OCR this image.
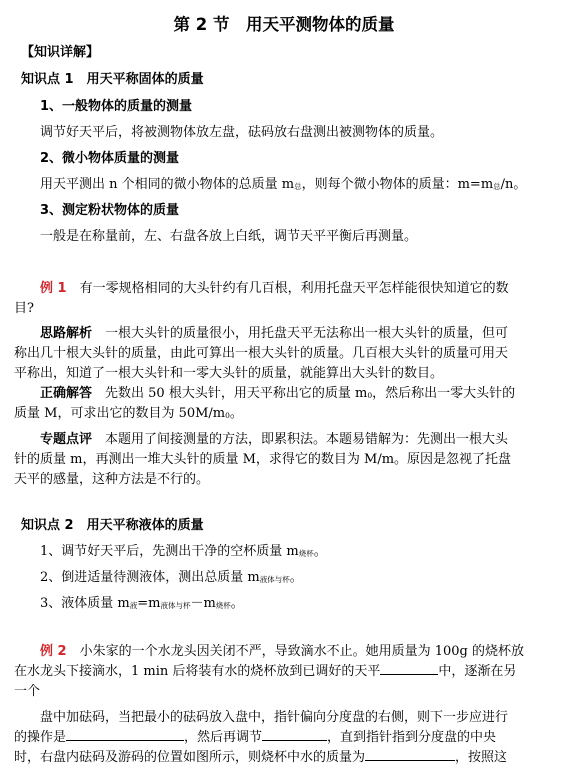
第 2 节　用天平测物体的质量
【知识详解】
知识点 1　用天平称固体的质量
1、一般物体的质量的测量
调节好天平后，将被测物体放左盘，砝码放右盘测出被测物体的质量。
2、微小物体质量的测量
用天平测出 n 个相同的微小物体的总质量 m总，则每个微小物体的质量：m=m总/n。
3、测定粉状物体的质量
一般是在称量前，左、右盘各放上白纸，调节天平平衡后再测量。
例 1　 有一零规格相同的大头针约有几百根，利用托盘天平怎样能很快知道它的数
目?
思路解析　 一根大头针的质量很小，用托盘天平无法称出一根大头针的质量，但可
称出几十根大头针的质量，由此可算出一根大头针的质量。几百根大头针的质量可用天
平称出，知道了一根大头针和一零大头针的质量，就能算出大头针的数目。
正确解答　 先数出 50 根大头针，用天平称出它的质量 m0，然后称出一零大头针的
质量 M，可求出它的数目为 50M/m0。
专题点评　 本题用了间接测量的方法，即累积法。本题易错解为：先测出一根大头
针的质量 m，再测出一堆大头针的质量 M，求得它的数目为 M/m。原因是忽视了托盘
天平的感量，这种方法是不行的。
知识点 2　用天平称液体的质量
1、调节好天平后，先测出干净的空杯质量 m烧杯。
2、倒进适量待测液体，测出总质量 m液体与杯。
3、液体质量 m液=m液体与杯－m烧杯。
例 2　 小朱家的一个水龙头因关闭不严，导致滴水不止。她用质量为 100g 的烧杯放
在水龙头下接滴水，1 min 后将装有水的烧杯放到已调好的天平	中，逐渐在另
一个
盘中加砝码，当把最小的砝码放入盘中，指针偏向分度盘的右侧，则下一步应进行
的操作是	，然后再调节	，直到指针指到分度盘的中央
时，右盘内砝码及游码的位置如图所示，则烧杯中水的质量为	，按照这
